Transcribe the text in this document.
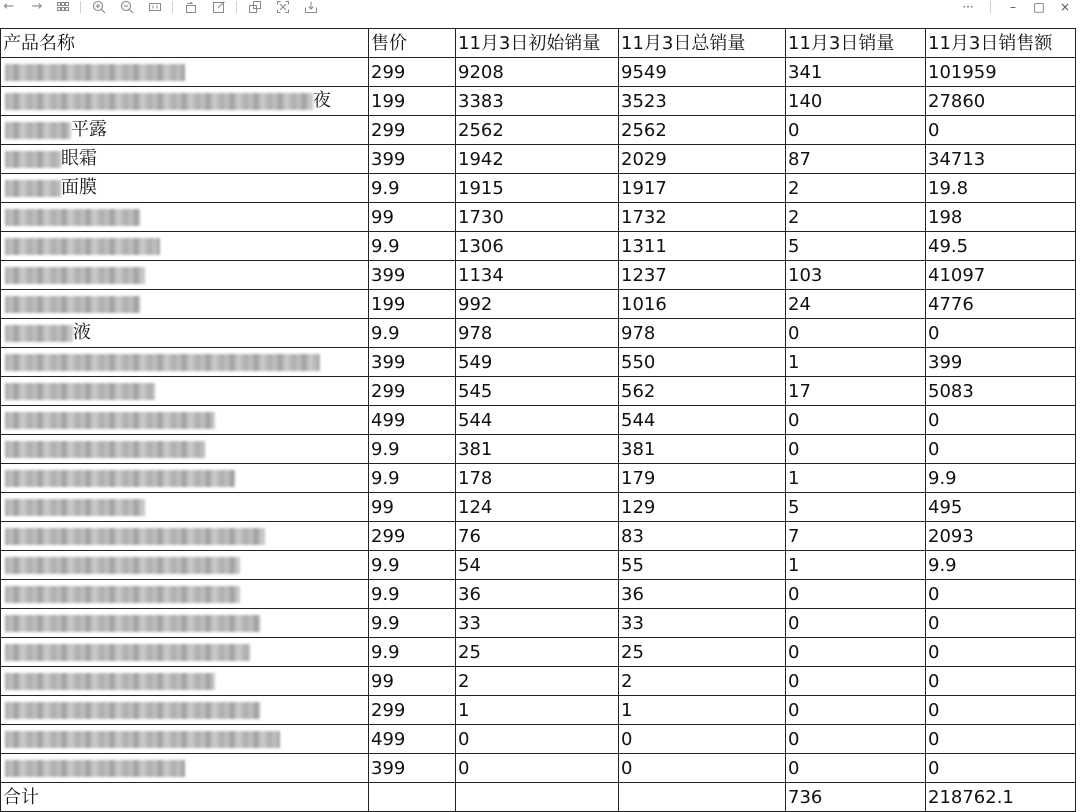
← →	···	–	□ ×
产品名称	售价	11月3日初始销量	11月3日总销量	11月3日销量	11月3日销售额

	299	9208	9549	341	101959

夜	199	3383	3523	140	27860

平露	299	2562	2562	0	0

眼霜	399	1942	2029	87	34713

面膜	9.9	1915	1917	2	19.8

	99	1730	1732	2	198

	9.9	1306	1311	5	49.5

	399	1134	1237	103	41097

	199	992	1016	24	4776

液	9.9	978	978	0	0

	399	549	550	1	399

	299	545	562	17	5083

	499	544	544	0	0

	9.9	381	381	0	0

	9.9	178	179	1	9.9

	99	124	129	5	495

	299	76	83	7	2093

	9.9	54	55	1	9.9

	9.9	36	36	0	0

	9.9	33	33	0	0

	9.9	25	25	0	0

	99	2	2	0	0

	299	1	1	0	0

	499	0	0	0	0

	399	0	0	0	0
合计				736	218762.1
